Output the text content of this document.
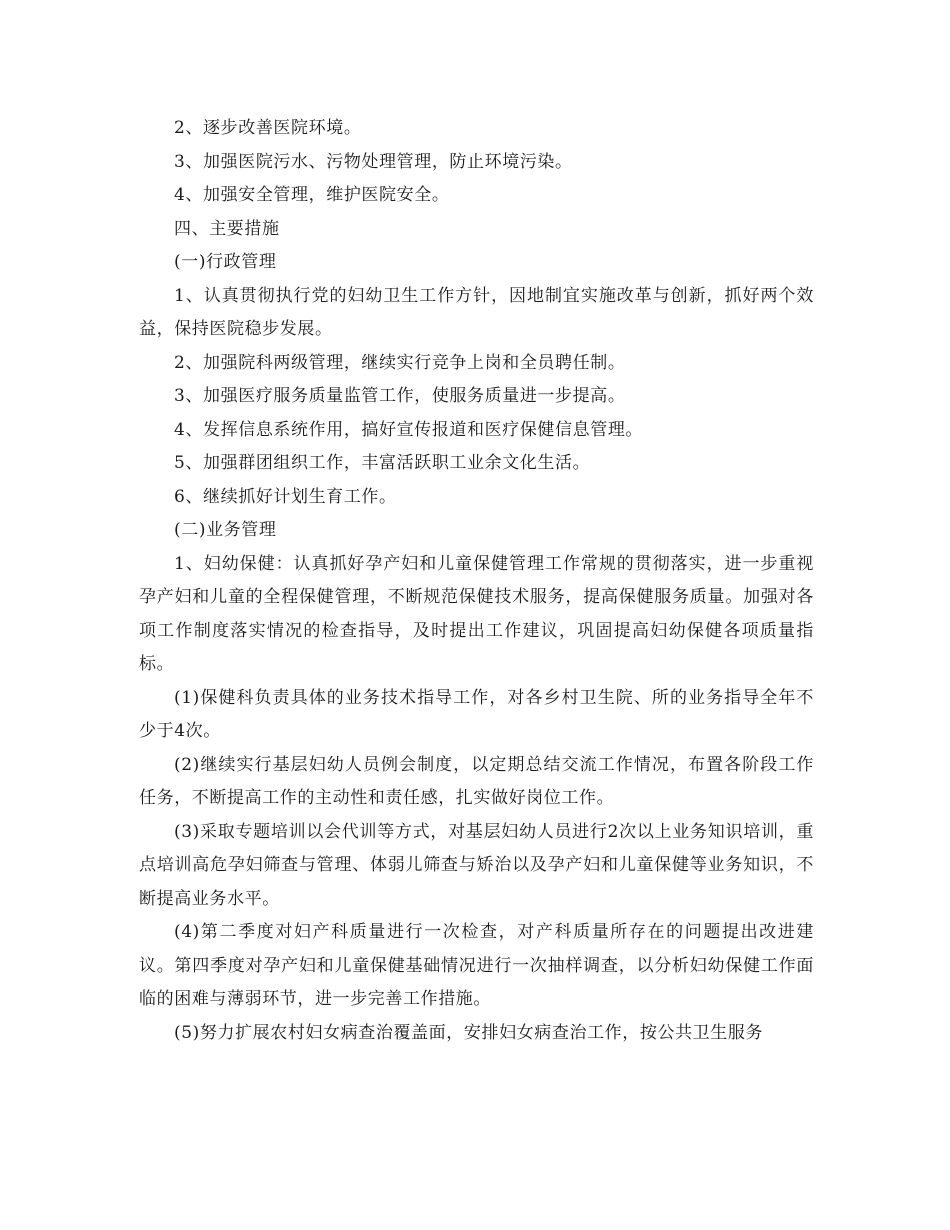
2、逐步改善医院环境。

3、加强医院污水、污物处理管理，防止环境污染。

4、加强安全管理，维护医院安全。

四、主要措施

(一)行政管理

1、认真贯彻执行党的妇幼卫生工作方针，因地制宜实施改革与创新，抓好两个效益，保持医院稳步发展。

2、加强院科两级管理，继续实行竞争上岗和全员聘任制。

3、加强医疗服务质量监管工作，使服务质量进一步提高。

4、发挥信息系统作用，搞好宣传报道和医疗保健信息管理。

5、加强群团组织工作，丰富活跃职工业余文化生活。

6、继续抓好计划生育工作。

(二)业务管理

1、妇幼保健：认真抓好孕产妇和儿童保健管理工作常规的贯彻落实，进一步重视孕产妇和儿童的全程保健管理，不断规范保健技术服务，提高保健服务质量。加强对各项工作制度落实情况的检查指导，及时提出工作建议，巩固提高妇幼保健各项质量指标。

(1)保健科负责具体的业务技术指导工作，对各乡村卫生院、所的业务指导全年不少于4次。

(2)继续实行基层妇幼人员例会制度，以定期总结交流工作情况，布置各阶段工作任务，不断提高工作的主动性和责任感，扎实做好岗位工作。

(3)采取专题培训以会代训等方式，对基层妇幼人员进行2次以上业务知识培训，重点培训高危孕妇筛查与管理、体弱儿筛查与矫治以及孕产妇和儿童保健等业务知识，不断提高业务水平。

(4)第二季度对妇产科质量进行一次检查，对产科质量所存在的问题提出改进建议。第四季度对孕产妇和儿童保健基础情况进行一次抽样调查，以分析妇幼保健工作面临的困难与薄弱环节，进一步完善工作措施。

(5)努力扩展农村妇女病查治覆盖面，安排妇女病查治工作，按公共卫生服务
